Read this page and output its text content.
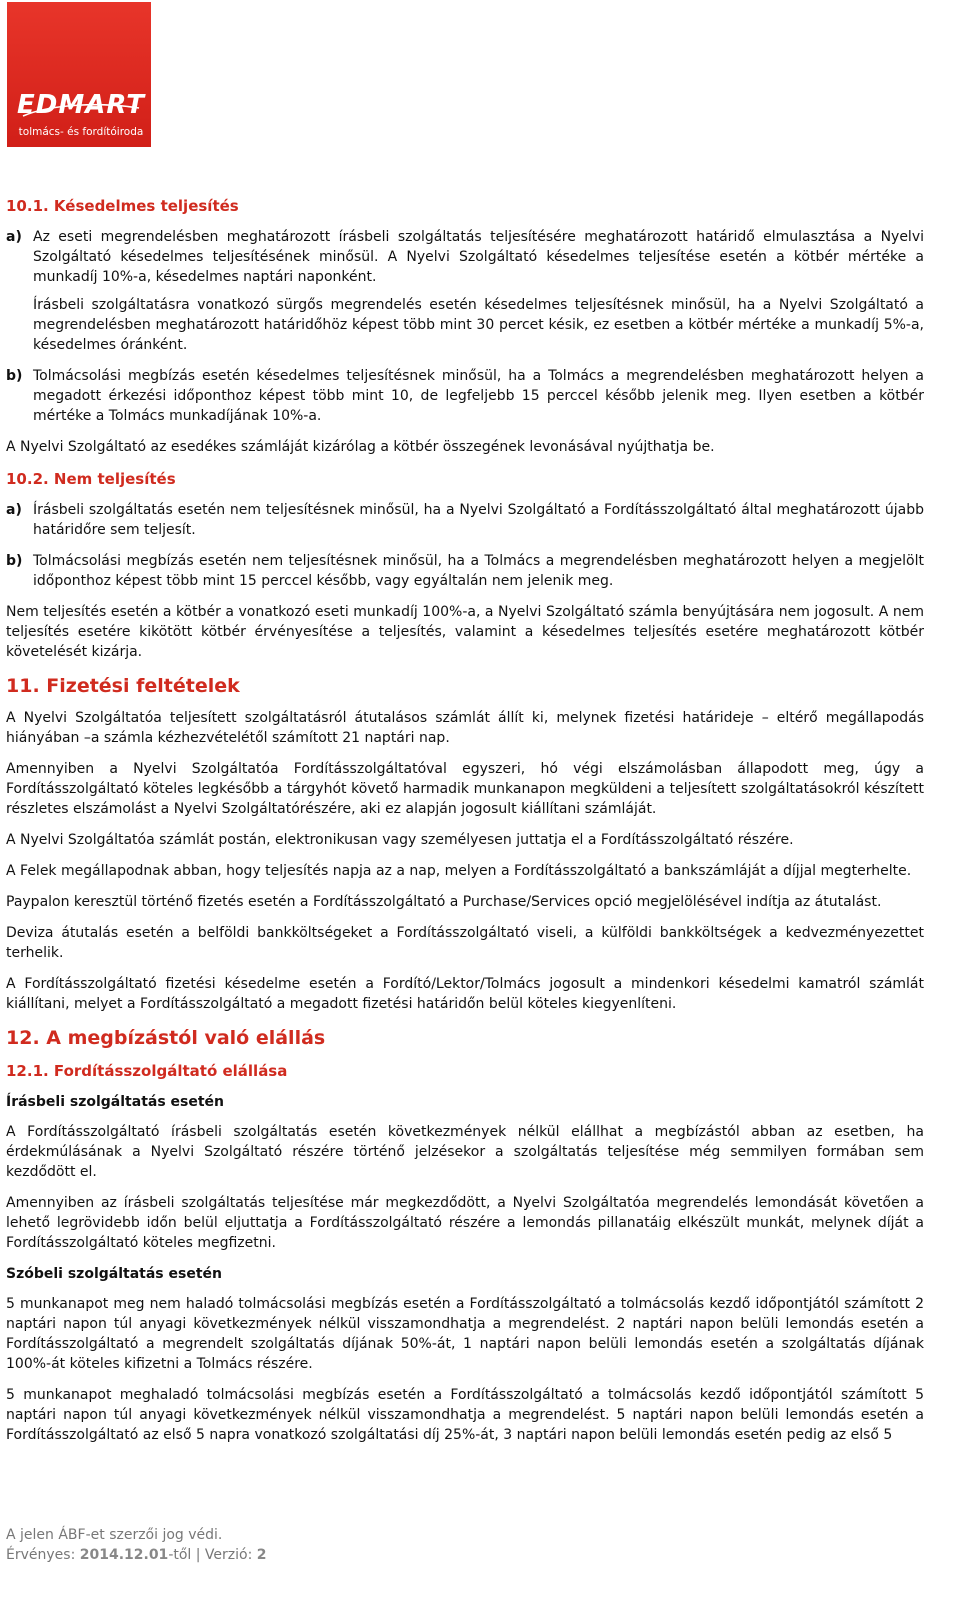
EDMART
tolmács- és fordítóiroda
10.1. Késedelmes teljesítés
a) Az eseti megrendelésben meghatározott írásbeli szolgáltatás teljesítésére meghatározott határidő elmulasztása a Nyelvi Szolgáltató késedelmes teljesítésének minősül. A Nyelvi Szolgáltató késedelmes teljesítése esetén a kötbér mértéke a munkadíj 10%-a, késedelmes naptári naponként.
Írásbeli szolgáltatásra vonatkozó sürgős megrendelés esetén késedelmes teljesítésnek minősül, ha a Nyelvi Szolgáltató a megrendelésben meghatározott határidőhöz képest több mint 30 percet késik, ez esetben a kötbér mértéke a munkadíj 5%-a, késedelmes óránként.
b) Tolmácsolási megbízás esetén késedelmes teljesítésnek minősül, ha a Tolmács a megrendelésben meghatározott helyen a megadott érkezési időponthoz képest több mint 10, de legfeljebb 15 perccel később jelenik meg. Ilyen esetben a kötbér mértéke a Tolmács munkadíjának 10%-a.

A Nyelvi Szolgáltató az esedékes számláját kizárólag a kötbér összegének levonásával nyújthatja be.

10.2. Nem teljesítés
a) Írásbeli szolgáltatás esetén nem teljesítésnek minősül, ha a Nyelvi Szolgáltató a Fordításszolgáltató által meghatározott újabb határidőre sem teljesít.
b) Tolmácsolási megbízás esetén nem teljesítésnek minősül, ha a Tolmács a megrendelésben meghatározott helyen a megjelölt időponthoz képest több mint 15 perccel később, vagy egyáltalán nem jelenik meg.

Nem teljesítés esetén a kötbér a vonatkozó eseti munkadíj 100%-a, a Nyelvi Szolgáltató számla benyújtására nem jogosult. A nem teljesítés esetére kikötött kötbér érvényesítése a teljesítés, valamint a késedelmes teljesítés esetére meghatározott kötbér követelését kizárja.

11. Fizetési feltételek

A Nyelvi Szolgáltatóa teljesített szolgáltatásról átutalásos számlát állít ki, melynek fizetési határideje – eltérő megállapodás hiányában –a számla kézhezvételétől számított 21 naptári nap.

Amennyiben a Nyelvi Szolgáltatóa Fordításszolgáltatóval egyszeri, hó végi elszámolásban állapodott meg, úgy a Fordításszolgáltató köteles legkésőbb a tárgyhót követő harmadik munkanapon megküldeni a teljesített szolgáltatásokról készített részletes elszámolást a Nyelvi Szolgáltatórészére, aki ez alapján jogosult kiállítani számláját.

A Nyelvi Szolgáltatóa számlát postán, elektronikusan vagy személyesen juttatja el a Fordításszolgáltató részére.

A Felek megállapodnak abban, hogy teljesítés napja az a nap, melyen a Fordításszolgáltató a bankszámláját a díjjal megterhelte.

Paypalon keresztül történő fizetés esetén a Fordításszolgáltató a Purchase/Services opció megjelölésével indítja az átutalást.

Deviza átutalás esetén a belföldi bankköltségeket a Fordításszolgáltató viseli, a külföldi bankköltségek a kedvezményezettet terhelik.

A Fordításszolgáltató fizetési késedelme esetén a Fordító/Lektor/Tolmács jogosult a mindenkori késedelmi kamatról számlát kiállítani, melyet a Fordításszolgáltató a megadott fizetési határidőn belül köteles kiegyenlíteni.

12. A megbízástól való elállás
12.1. Fordításszolgáltató elállása
Írásbeli szolgáltatás esetén

A Fordításszolgáltató írásbeli szolgáltatás esetén következmények nélkül elállhat a megbízástól abban az esetben, ha érdekmúlásának a Nyelvi Szolgáltató részére történő jelzésekor a szolgáltatás teljesítése még semmilyen formában sem kezdődött el.

Amennyiben az írásbeli szolgáltatás teljesítése már megkezdődött, a Nyelvi Szolgáltatóa megrendelés lemondását követően a lehető legrövidebb időn belül eljuttatja a Fordításszolgáltató részére a lemondás pillanatáig elkészült munkát, melynek díját a Fordításszolgáltató köteles megfizetni.

Szóbeli szolgáltatás esetén

5 munkanapot meg nem haladó tolmácsolási megbízás esetén a Fordításszolgáltató a tolmácsolás kezdő időpontjától számított 2 naptári napon túl anyagi következmények nélkül visszamondhatja a megrendelést. 2 naptári napon belüli lemondás esetén a Fordításszolgáltató a megrendelt szolgáltatás díjának 50%-át, 1 naptári napon belüli lemondás esetén a szolgáltatás díjának 100%-át köteles kifizetni a Tolmács részére.

5 munkanapot meghaladó tolmácsolási megbízás esetén a Fordításszolgáltató a tolmácsolás kezdő időpontjától számított 5 naptári napon túl anyagi következmények nélkül visszamondhatja a megrendelést. 5 naptári napon belüli lemondás esetén a Fordításszolgáltató az első 5 napra vonatkozó szolgáltatási díj 25%-át, 3 naptári napon belüli lemondás esetén pedig az első 5

A jelen ÁBF-et szerzői jog védi.
Érvényes: 2014.12.01-től | Verzió: 2
